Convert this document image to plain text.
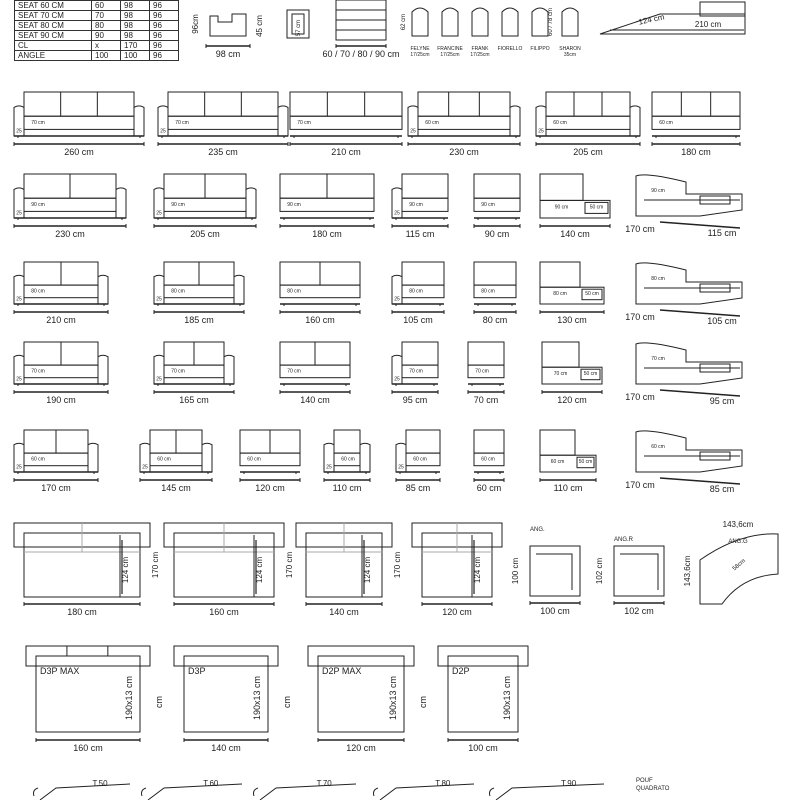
SEAT 60 CM	60	98	96
SEAT 70 CM	70	98	96
SEAT 80 CM	80	98	96
SEAT 90 CM	90	98	96
CL	x	170	96
ANGLE	100	100	96
96cm	45 cm
98 cm
57 cm
60 / 70 / 80 / 90 cm
62 cm
FELYNE
17/25cm
FRANCINE
17/25cm
FRANK
17/25cm
FIORELLO FILIPPO SHARON
35cm
60 / 78 cm	124 cm	210 cm
70 cm
25
260 cm
70 cm
25
235 cm
70 cm
210 cm
60 cm
25
230 cm
60 cm
25
205 cm
60 cm
180 cm
90 cm
25
230 cm
90 cm
25
205 cm
90 cm
180 cm
90 cm
25
115 cm
90 cm
90 cm
90 cm	50 cm
140 cm
90 cm
170 cm	115 cm
80 cm
25
210 cm
80 cm
25
185 cm
80 cm
160 cm
80 cm
25
105 cm
80 cm
80 cm
80 cm	50 cm
130 cm
80 cm
170 cm	105 cm
70 cm
25
190 cm
70 cm
25
165 cm
70 cm
140 cm
70 cm
25
95 cm
70 cm
70 cm
70 cm	50 cm
120 cm
70 cm
170 cm	95 cm
60 cm
25
170 cm
60 cm
25
145 cm
60 cm
120 cm
60 cm
25
110 cm
60 cm
25
85 cm
60 cm
60 cm
60 cm	50 cm
110 cm
60 cm
170 cm	85 cm
124 cm	170 cm
180 cm
124 cm	170 cm
160 cm
124 cm	170 cm
140 cm
124 cm
120 cm
ANG.
100 cm
100 cm
ANG.R
102 cm
102 cm
ANG.G
143,6cm
143,6cm	58cm
D3P MAX
190x13 cm cm
160 cm
D3P
190x13 cm cm
140 cm
D2P MAX
190x13 cm cm
120 cm
D2P
190x13 cm
100 cm
T.50	T.60	T.70	T.80	T.90	POUF
QUADRATO
